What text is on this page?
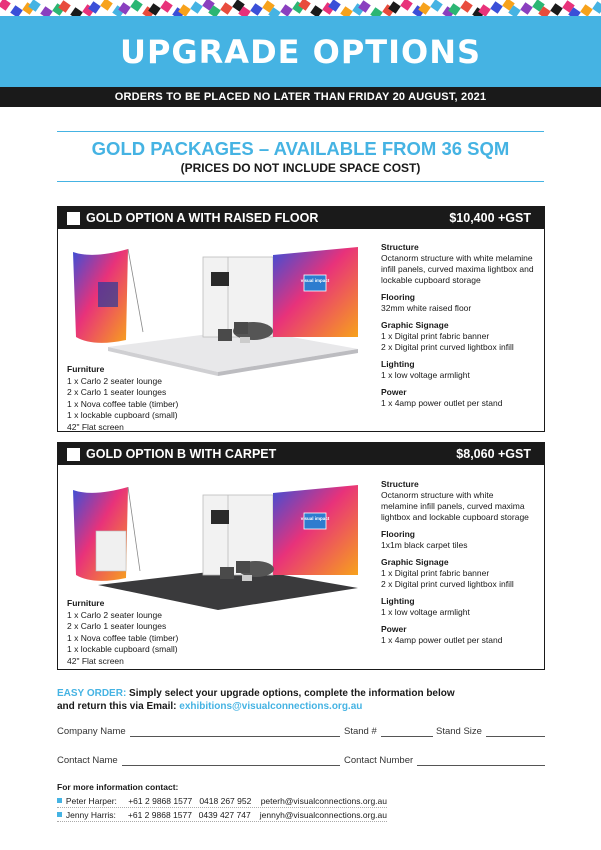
UPGRADE OPTIONS
ORDERS TO BE PLACED NO LATER THAN FRIDAY 20 AUGUST, 2021
GOLD PACKAGES – AVAILABLE FROM 36 SQM
(PRICES DO NOT INCLUDE SPACE COST)
GOLD OPTION A WITH RAISED FLOOR	$10,400 +GST
visual impact
Furniture
1 x Carlo 2 seater lounge
2 x Carlo 1 seater lounges
1 x Nova coffee table (timber)
1 x lockable cupboard (small)
42" Flat screen
Structure
Octanorm structure with white melamine
infill panels, curved maxima lightbox and
lockable cupboard storage
Flooring
32mm white raised floor
Graphic Signage
1 x Digital print fabric banner
2 x Digital print curved lightbox infill
Lighting
1 x low voltage armlight
Power
1 x 4amp power outlet per stand
GOLD OPTION B WITH CARPET	$8,060 +GST
visual impact
Furniture
1 x Carlo 2 seater lounge
2 x Carlo 1 seater lounges
1 x Nova coffee table (timber)
1 x lockable cupboard (small)
42" Flat screen
Structure
Octanorm structure with white
melamine infill panels, curved maxima
lightbox and lockable cupboard storage
Flooring
1x1m black carpet tiles
Graphic Signage
1 x Digital print fabric banner
2 x Digital print curved lightbox infill
Lighting
1 x low voltage armlight
Power
1 x 4amp power outlet per stand
EASY ORDER: Simply select your upgrade options, complete the information below
and return this via Email: exhibitions@visualconnections.org.au
Company Name	Stand #	Stand Size
Contact Name	Contact Number
For more information contact:
Peter Harper:	+61 2 9868 1577 0418 267 952	peterh@visualconnections.org.au
Jenny Harris:	+61 2 9868 1577 0439 427 747	jennyh@visualconnections.org.au
